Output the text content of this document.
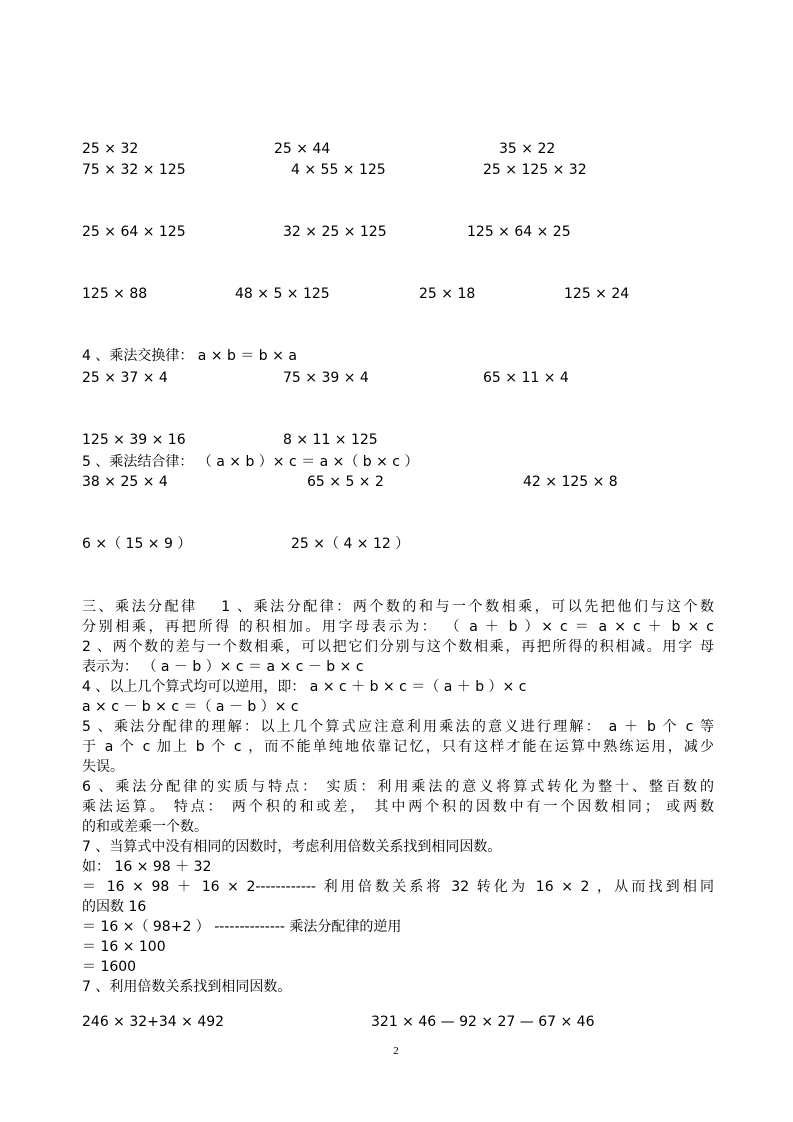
25 × 32	25 × 44	35 × 22
75 × 32 × 125	4 × 55 × 125	25 × 125 × 32
25 × 64 × 125	32 × 25 × 125	125 × 64 × 25
125 × 88	48 × 5 × 125	25 × 18	125 × 24
4 、乘法交换律： a × b ＝ b × a
25 × 37 × 4	75 × 39 × 4	65 × 11 × 4
125 × 39 × 16	8 × 11 × 125
5 、乘法结合律： （ a × b ）× c ＝ a ×（ b × c ）
38 × 25 × 4	65 × 5 × 2	42 × 125 × 8
6 ×（ 15 × 9 ）	25 ×（ 4 × 12 ）
三、乘法分配律　 1 、乘法分配律：两个数的和与一个数相乘，可以先把他们与这个数
分别相乘，再把所得 的积相加。用字母表示为： （ a ＋ b ）× c ＝ a × c ＋ b × c
2 、两个数的差与一个数相乘，可以把它们分别与这个数相乘，再把所得的积相减。用字 母
表示为： （ a － b ）× c ＝ a × c － b × c
4 、以上几个算式均可以逆用，即： a × c ＋ b × c ＝（ a ＋ b ）× c
a × c － b × c ＝（ a － b ）× c
5 、乘法分配律的理解：以上几个算式应注意利用乘法的意义进行理解： a ＋ b 个 c 等
于 a 个 c 加上 b 个 c ，而不能单纯地依靠记忆，只有这样才能在运算中熟练运用，减少
失误。
6 、乘法分配律的实质与特点： 实质：利用乘法的意义将算式转化为整十、整百数的
乘法运算。 特点： 两个积的和或差， 其中两个积的因数中有一个因数相同； 或两数
的和或差乘一个数。
7 、当算式中没有相同的因数时，考虑利用倍数关系找到相同因数。
如： 16 × 98 ＋ 32
＝ 16 × 98 ＋ 16 × 2------------ 利用倍数关系将 32 转化为 16 × 2 ，从而找到相同
的因数 16
＝ 16 ×（ 98+2 ） -------------- 乘法分配律的逆用
＝ 16 × 100
＝ 1600
7 、利用倍数关系找到相同因数。
246 × 32+34 × 492	321 × 46 — 92 × 27 — 67 × 46
2
